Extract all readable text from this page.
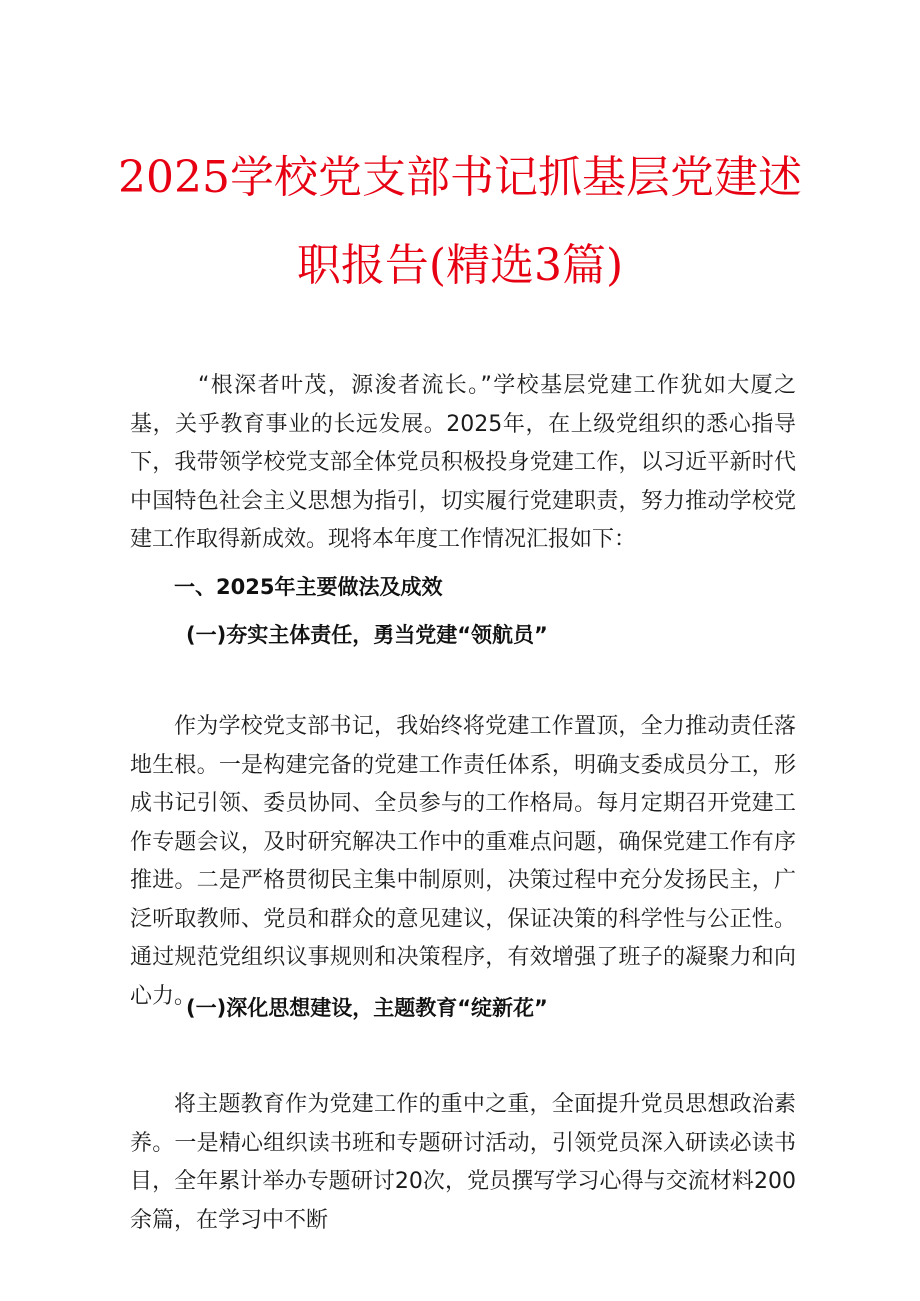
2025学校党支部书记抓基层党建述
职报告(精选3篇)
“根深者叶茂，源浚者流长。”学校基层党建工作犹如大厦之基，关乎教育事业的长远发展。2025年，在上级党组织的悉心指导下，我带领学校党支部全体党员积极投身党建工作，以习近平新时代中国特色社会主义思想为指引，切实履行党建职责，努力推动学校党建工作取得新成效。现将本年度工作情况汇报如下：
一、2025年主要做法及成效
(一)夯实主体责任，勇当党建“领航员”
作为学校党支部书记，我始终将党建工作置顶，全力推动责任落地生根。一是构建完备的党建工作责任体系，明确支委成员分工，形成书记引领、委员协同、全员参与的工作格局。每月定期召开党建工作专题会议，及时研究解决工作中的重难点问题，确保党建工作有序推进。二是严格贯彻民主集中制原则，决策过程中充分发扬民主，广泛听取教师、党员和群众的意见建议，保证决策的科学性与公正性。通过规范党组织议事规则和决策程序，有效增强了班子的凝聚力和向心力。
(一)深化思想建设，主题教育“绽新花”
将主题教育作为党建工作的重中之重，全面提升党员思想政治素养。一是精心组织读书班和专题研讨活动，引领党员深入研读必读书目，全年累计举办专题研讨20次，党员撰写学习心得与交流材料200余篇，在学习中不断
